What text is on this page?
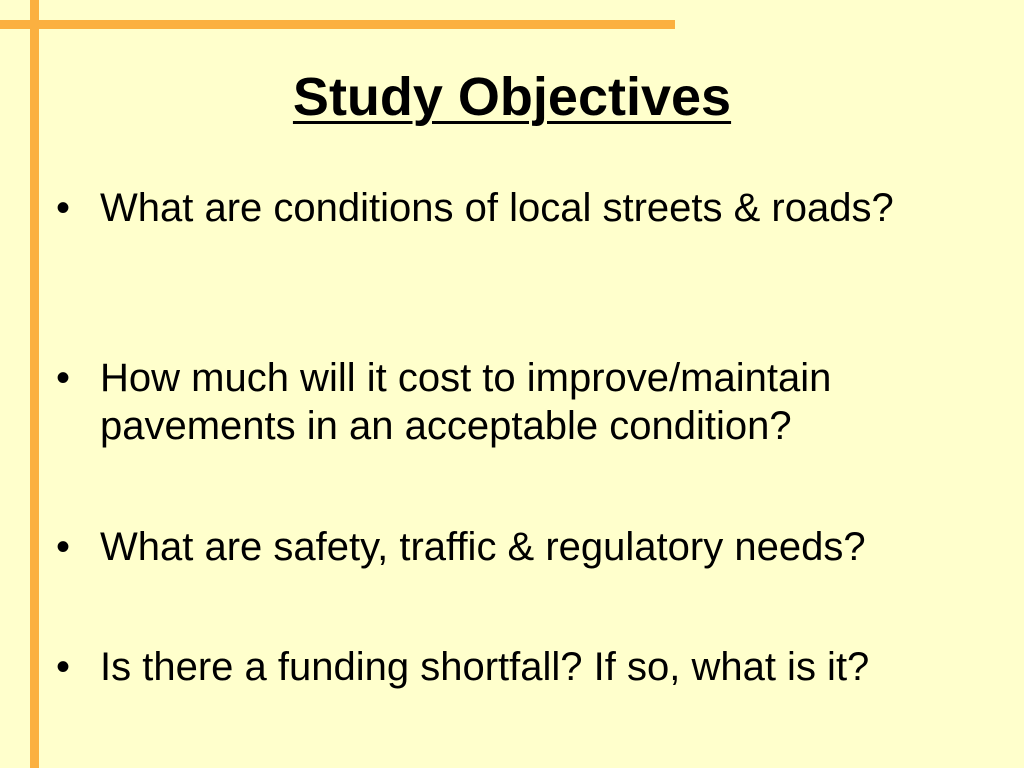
Study Objectives
• What are conditions of local streets & roads?
• How much will it cost to improve/maintain pavements in an acceptable condition?
• What are safety, traffic & regulatory needs?
• Is there a funding shortfall? If so, what is it?
